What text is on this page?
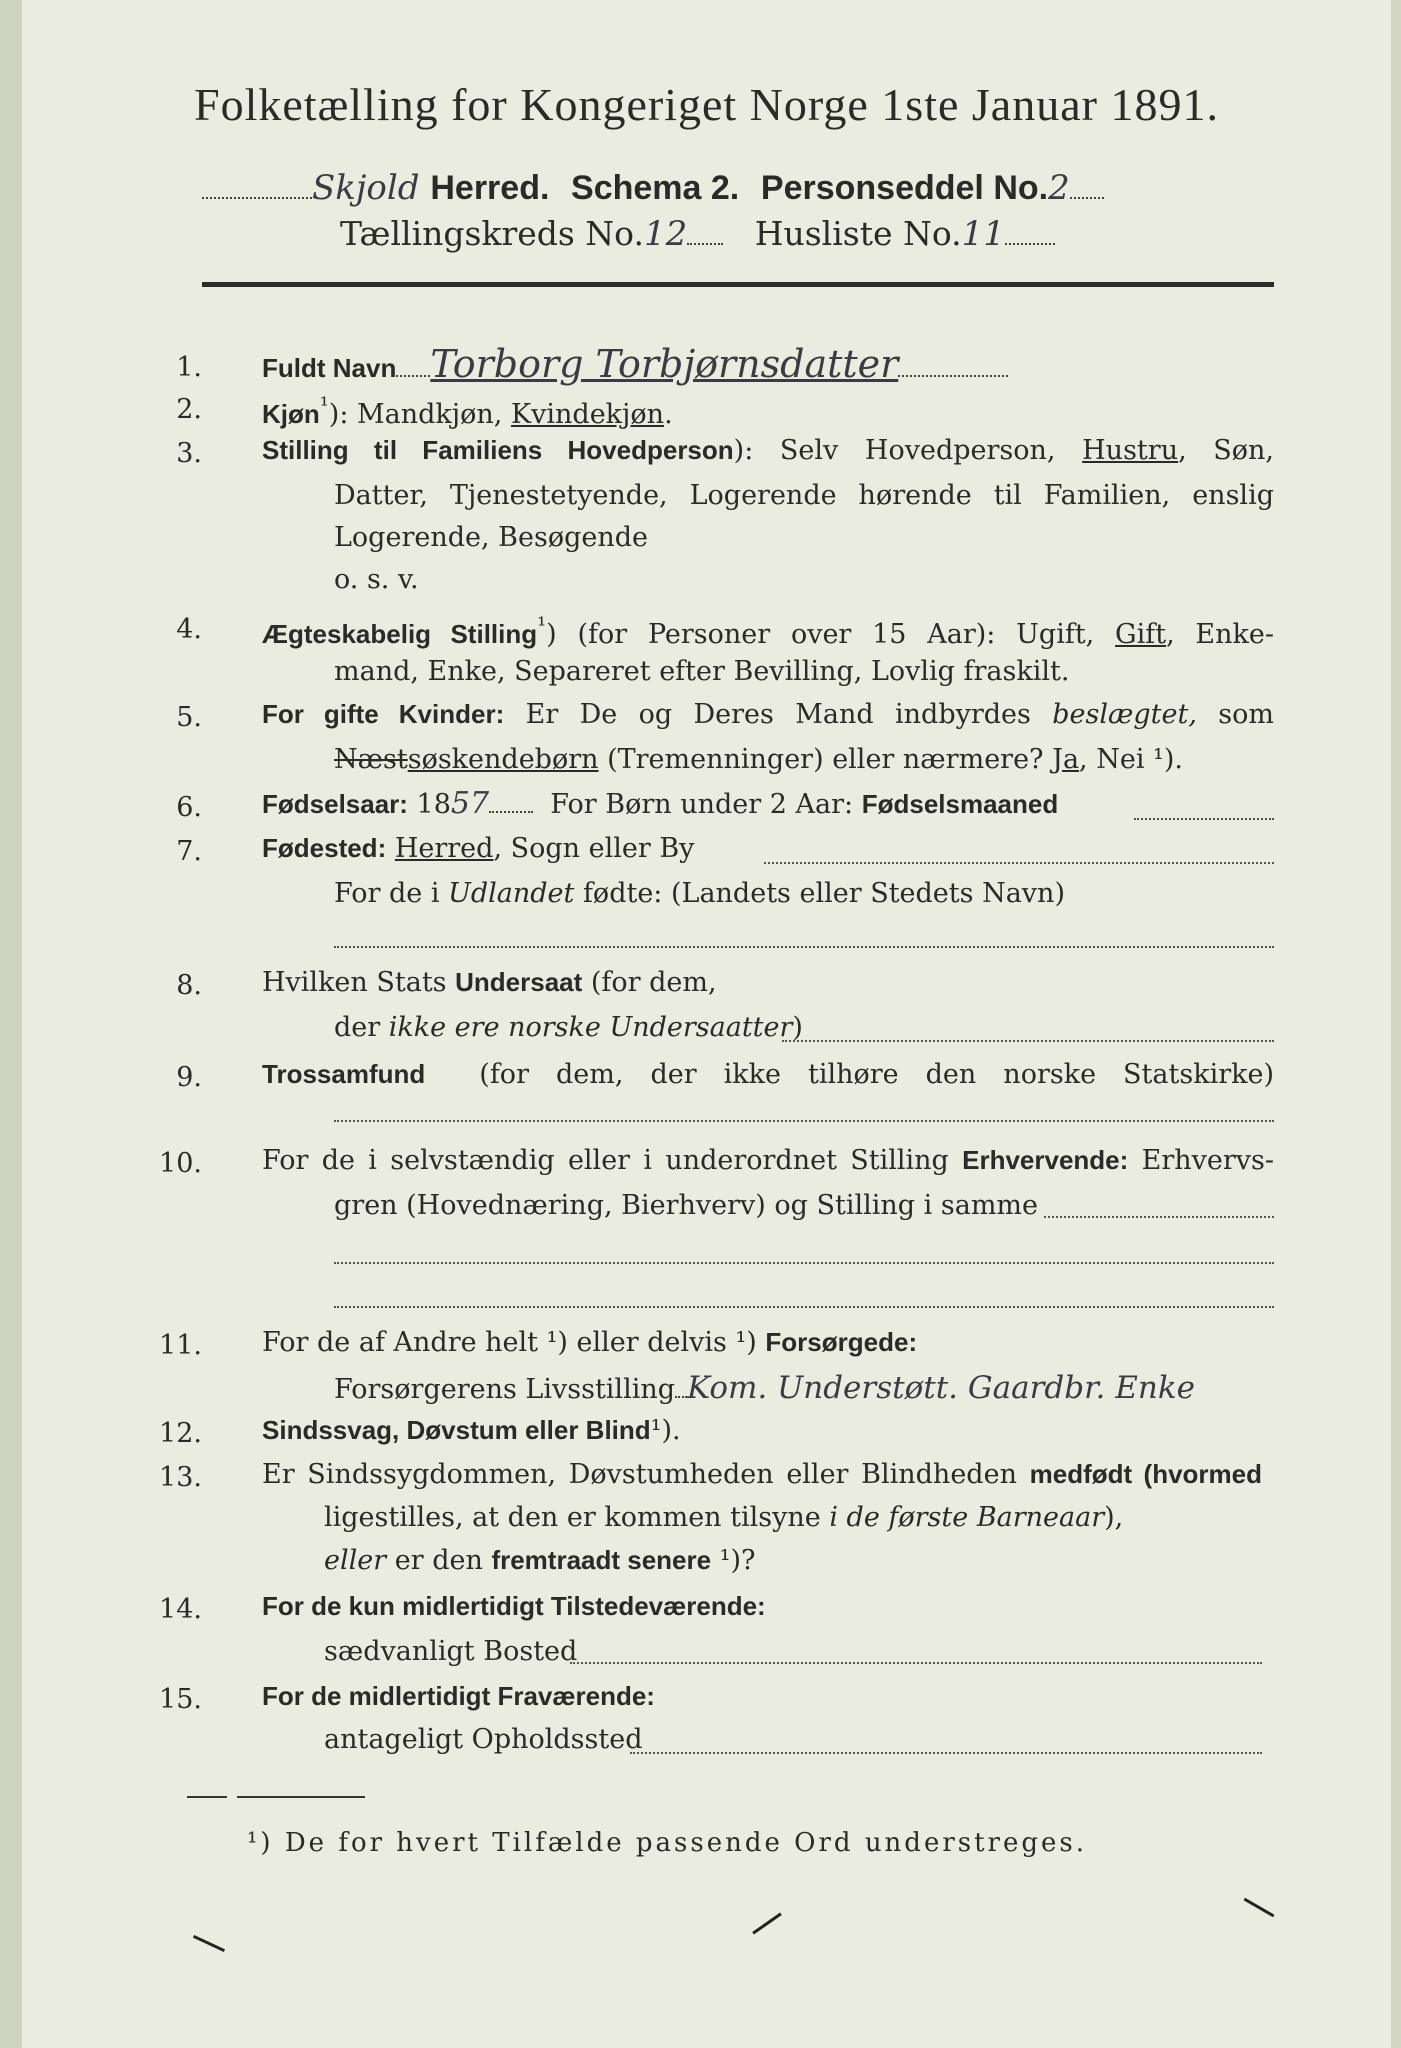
Folketælling for Kongeriget Norge 1ste Januar 1891.
Skjold Herred. Schema 2. Personseddel No.2
Tællingskreds No.12 Husliste No.11
1. Fuldt Navn Torborg Torbjørnsdatter
2. Kjøn$^{^1}$): Mandkjøn, Kvindekjøn.
3. Stilling til Familiens Hovedperson): Selv Hovedperson, Hustru, Søn,
Datter, Tjenestetyende, Logerende hørende til Familien, enslig
Logerende, Besøgende
o. s. v.
4. Ægteskabelig Stilling$^{^1}$) (for Personer over 15 Aar): Ugift, Gift, Enke-
mand, Enke, Separeret efter Bevilling, Lovlig fraskilt.
5. For gifte Kvinder: Er De og Deres Mand indbyrdes beslægtet, som
Næstsøskendebørn (Tremenninger) eller nærmere? Ja, Nei ¹).
6. Fødselsaar: 1857 For Børn under 2 Aar: Fødselsmaaned
7. Fødested: Herred, Sogn eller By
For de i Udlandet fødte: (Landets eller Stedets Navn)
8. Hvilken Stats Undersaat (for dem,
der ikke ere norske Undersaatter)
9. Trossamfund (for dem, der ikke tilhøre den norske Statskirke)
10. For de i selvstændig eller i underordnet Stilling Erhvervende: Erhvervs-
gren (Hovednæring, Bierhverv) og Stilling i samme
11. For de af Andre helt ¹) eller delvis ¹) Forsørgede:
Forsørgerens Livsstilling Kom. Understøtt. Gaardbr. Enke
12. Sindssvag, Døvstum eller Blind¹).
13. Er Sindssygdommen, Døvstumheden eller Blindheden medfødt (hvormed
ligestilles, at den er kommen tilsyne i de første Barneaar),
eller er den fremtraadt senere ¹)?
14. For de kun midlertidigt Tilstedeværende:
sædvanligt Bosted
15. For de midlertidigt Fraværende:
antageligt Opholdssted
¹) De for hvert Tilfælde passende Ord understreges.
